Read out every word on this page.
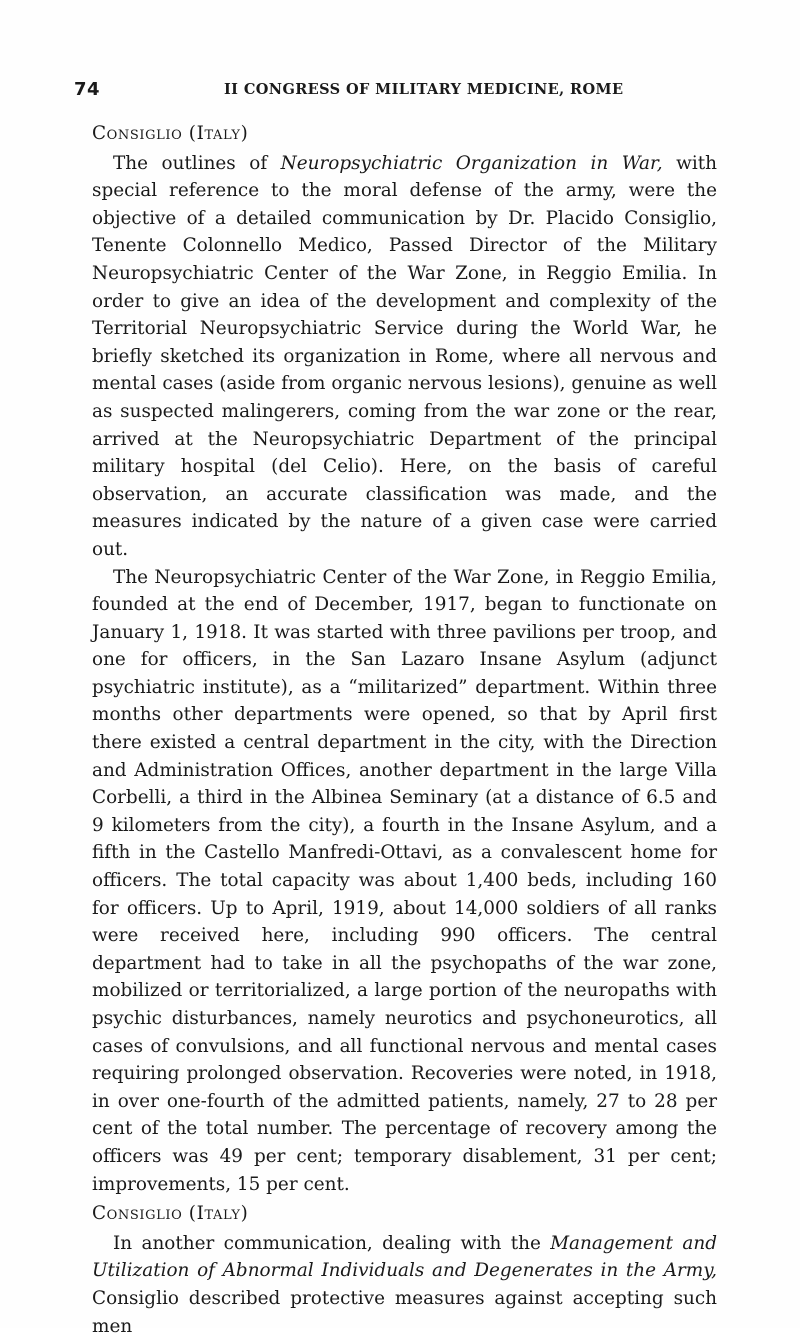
74	II CONGRESS OF MILITARY MEDICINE, ROME

Consiglio (Italy)

The outlines of Neuropsychiatric Organization in War, with special reference to the moral defense of the army, were the objective of a detailed communication by Dr. Placido Consiglio, Tenente Colonnello Medico, Passed Director of the Military Neuropsychiatric Center of the War Zone, in Reggio Emilia. In order to give an idea of the development and complexity of the Territorial Neuropsychiatric Service during the World War, he briefly sketched its organization in Rome, where all nervous and mental cases (aside from organic nervous lesions), genuine as well as suspected malingerers, coming from the war zone or the rear, arrived at the Neuropsychiatric Department of the principal military hospital (del Celio). Here, on the basis of careful observation, an accurate classification was made, and the measures indicated by the nature of a given case were carried out.

The Neuropsychiatric Center of the War Zone, in Reggio Emilia, founded at the end of December, 1917, began to functionate on January 1, 1918. It was started with three pavilions per troop, and one for officers, in the San Lazaro Insane Asylum (adjunct psychiatric institute), as a “militarized” department. Within three months other departments were opened, so that by April first there existed a central department in the city, with the Direction and Administration Offices, another department in the large Villa Corbelli, a third in the Albinea Seminary (at a distance of 6.5 and 9 kilometers from the city), a fourth in the Insane Asylum, and a fifth in the Castello Manfredi-Ottavi, as a convalescent home for officers. The total capacity was about 1,400 beds, including 160 for officers. Up to April, 1919, about 14,000 soldiers of all ranks were received here, including 990 officers. The central department had to take in all the psychopaths of the war zone, mobilized or territorialized, a large portion of the neuropaths with psychic disturbances, namely neurotics and psychoneurotics, all cases of convulsions, and all functional nervous and mental cases requiring prolonged observation. Recoveries were noted, in 1918, in over one-fourth of the admitted patients, namely, 27 to 28 per cent of the total number. The percentage of recovery among the officers was 49 per cent; temporary disablement, 31 per cent; improvements, 15 per cent.

Consiglio (Italy)

In another communication, dealing with the Management and Utilization of Abnormal Individuals and Degenerates in the Army, Consiglio described protective measures against accepting such men
